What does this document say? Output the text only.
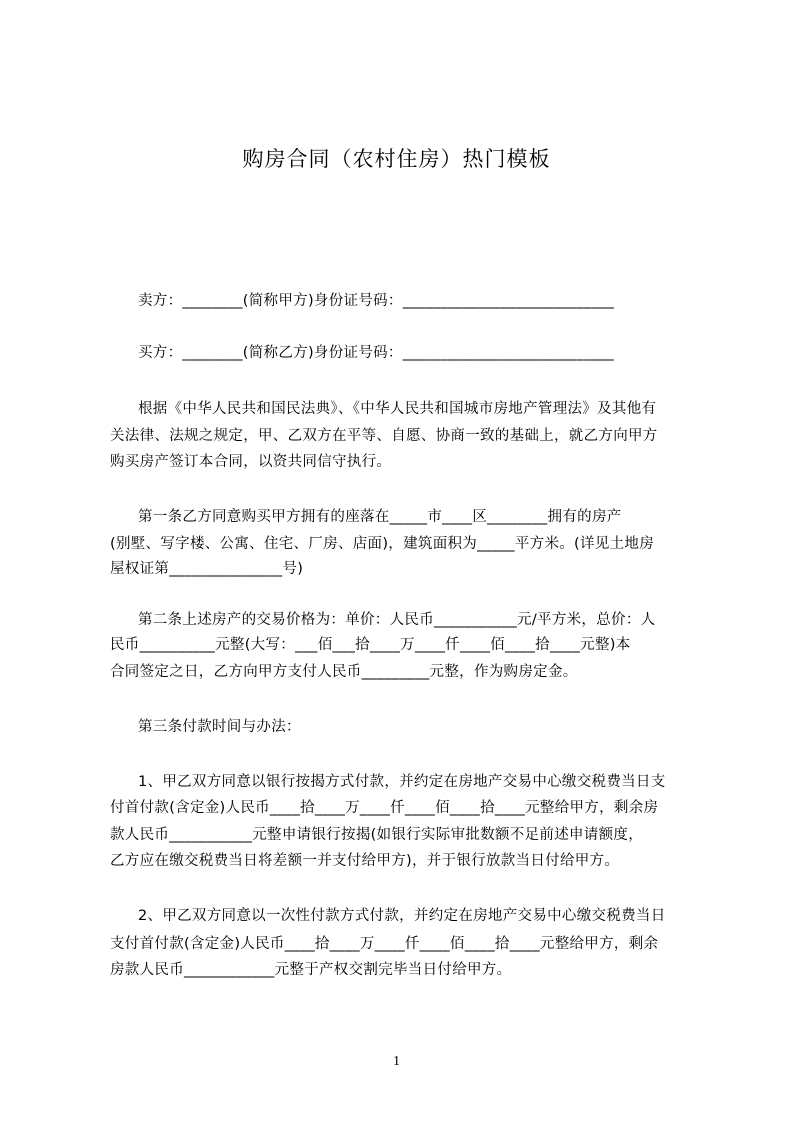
购房合同（农村住房）热门模板
卖方：________(简称甲方)身份证号码：____________________________
买方：________(简称乙方)身份证号码：____________________________
根据《中华人民共和国民法典》、《中华人民共和国城市房地产管理法》及其他有
关法律、法规之规定，甲、乙双方在平等、自愿、协商一致的基础上，就乙方向甲方
购买房产签订本合同，以资共同信守执行。
第一条乙方同意购买甲方拥有的座落在_____市____区________拥有的房产
(别墅、写字楼、公寓、住宅、厂房、店面)，建筑面积为_____平方米。(详见土地房
屋权证第_______________号)
第二条上述房产的交易价格为：单价：人民币___________元/平方米，总价：人
民币__________元整(大写：___佰___拾____万____仟____佰____拾____元整)本
合同签定之日，乙方向甲方支付人民币_________元整，作为购房定金。
第三条付款时间与办法：
1、甲乙双方同意以银行按揭方式付款，并约定在房地产交易中心缴交税费当日支
付首付款(含定金)人民币____拾____万____仟____佰____拾____元整给甲方，剩余房
款人民币___________元整申请银行按揭(如银行实际审批数额不足前述申请额度，
乙方应在缴交税费当日将差额一并支付给甲方)，并于银行放款当日付给甲方。
2、甲乙双方同意以一次性付款方式付款，并约定在房地产交易中心缴交税费当日
支付首付款(含定金)人民币____拾____万____仟____佰____拾____元整给甲方，剩余
房款人民币____________元整于产权交割完毕当日付给甲方。
1
